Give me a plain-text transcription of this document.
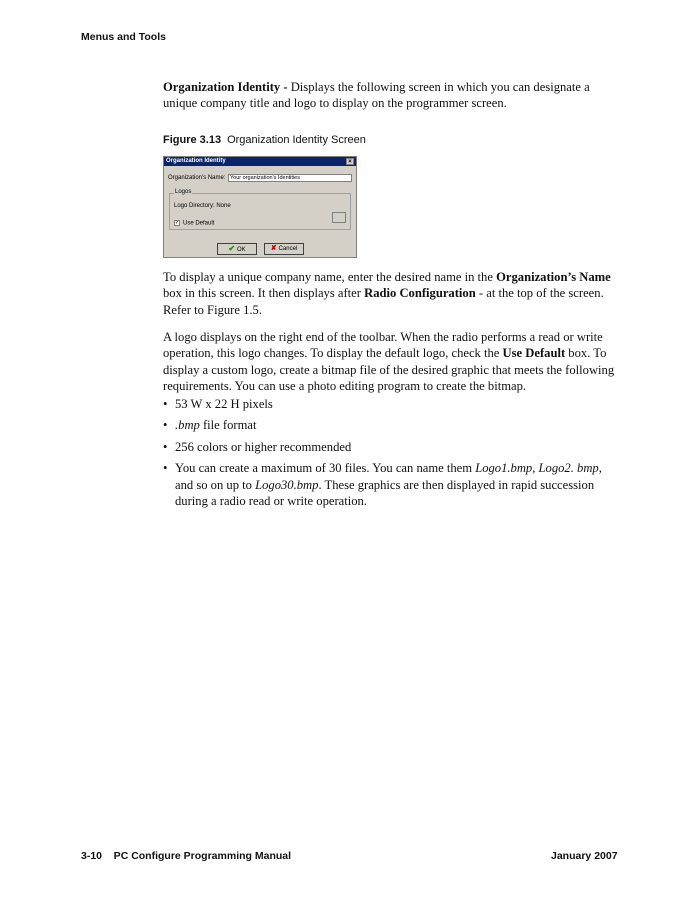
Menus and Tools

Organization Identity - Displays the following screen in which you can designate a unique company title and logo to display on the programmer screen.

Figure 3.13 Organization Identity Screen
Organization Identity	×
Organization's Name: Your organization's Identities
Logos
Logo Directory: None
✓ Use Default
✔ OK	✘ Cancel

To display a unique company name, enter the desired name in the Organization’s Name box in this screen. It then displays after Radio Configuration - at the top of the screen. Refer to Figure 1.5.

A logo displays on the right end of the toolbar. When the radio performs a read or write operation, this logo changes. To display the default logo, check the Use Default box. To display a custom logo, create a bitmap file of the desired graphic that meets the following requirements. You can use a photo editing program to create the bitmap.

• 53 W x 22 H pixels
• .bmp file format
• 256 colors or higher recommended
• You can create a maximum of 30 files. You can name them Logo1.bmp, Logo2. bmp, and so on up to Logo30.bmp. These graphics are then displayed in rapid succession during a radio read or write operation.
3-10    PC Configure Programming Manual	January 2007
